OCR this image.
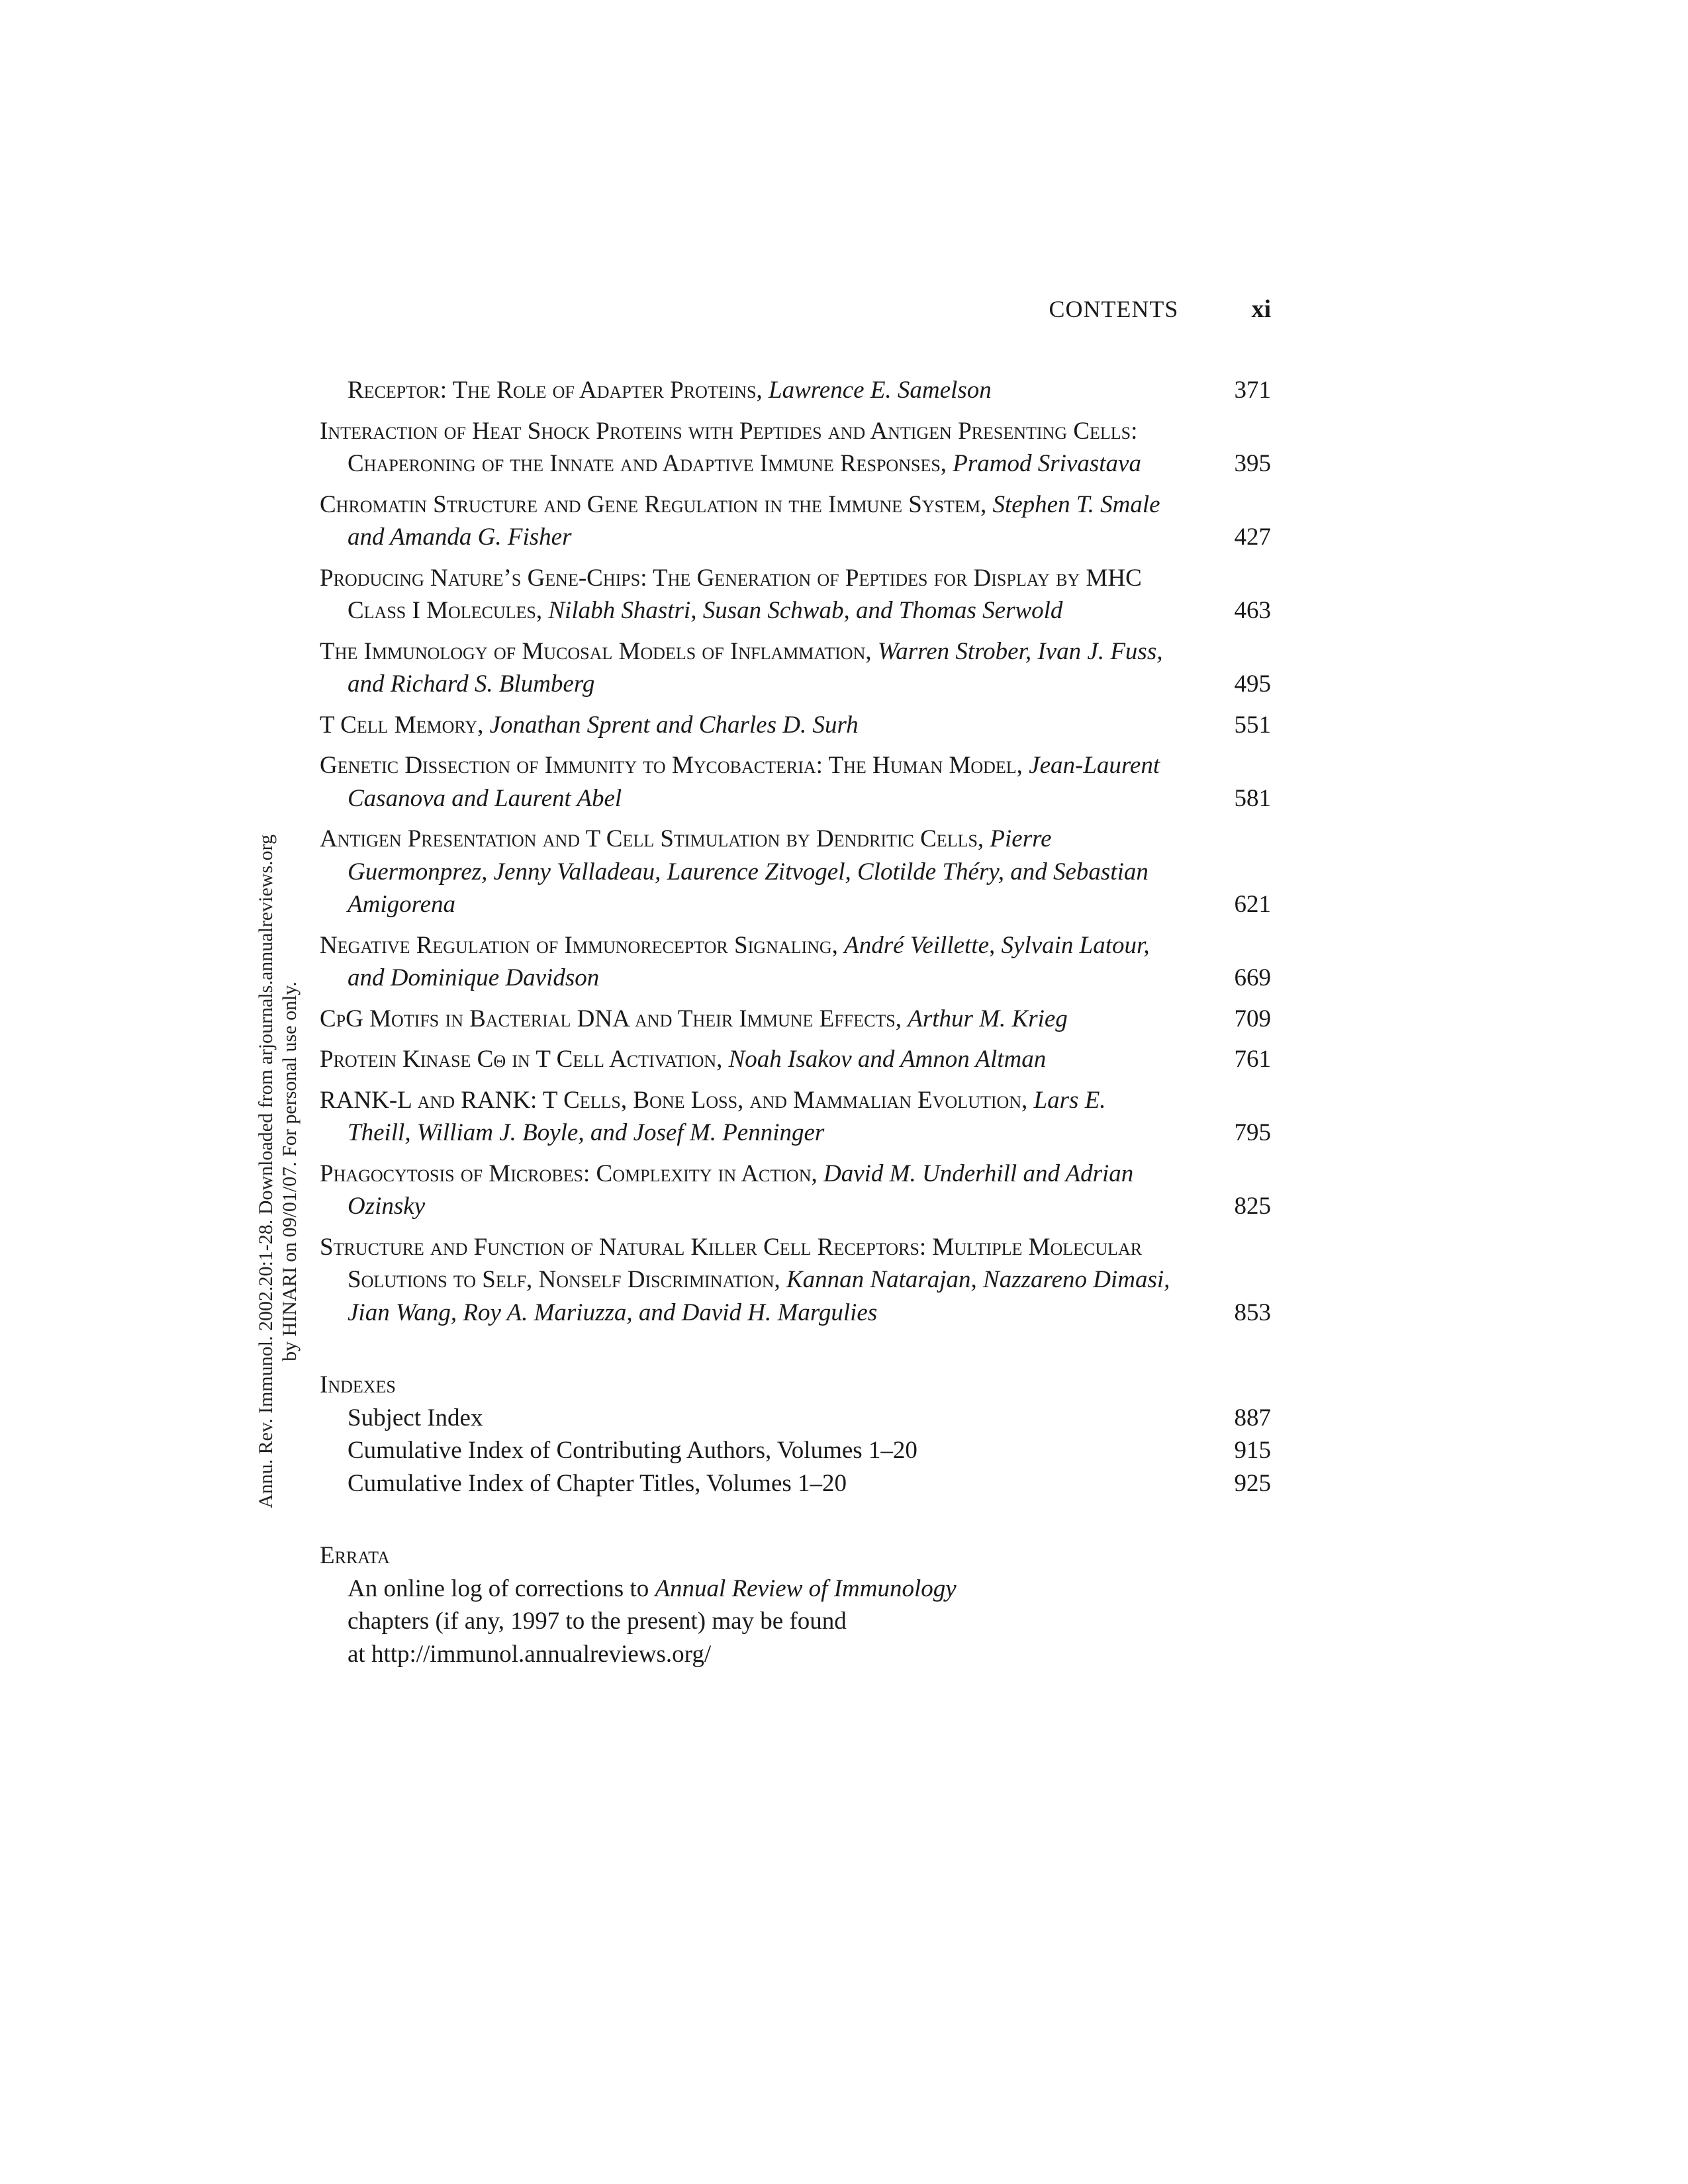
CONTENTS	xi
Annu. Rev. Immunol. 2002.20:1-28. Downloaded from arjournals.annualreviews.org by HINARI on 09/01/07. For personal use only.
Receptor: The Role of Adapter Proteins, Lawrence E. Samelson	371
Interaction of Heat Shock Proteins with Peptides and Antigen Presenting Cells: Chaperoning of the Innate and Adaptive Immune Responses, Pramod Srivastava	395
Chromatin Structure and Gene Regulation in the Immune System, Stephen T. Smale and Amanda G. Fisher	427
Producing Nature’s Gene-Chips: The Generation of Peptides for Display by MHC Class I Molecules, Nilabh Shastri, Susan Schwab, and Thomas Serwold	463
The Immunology of Mucosal Models of Inflammation, Warren Strober, Ivan J. Fuss, and Richard S. Blumberg	495
T Cell Memory, Jonathan Sprent and Charles D. Surh	551
Genetic Dissection of Immunity to Mycobacteria: The Human Model, Jean-Laurent Casanova and Laurent Abel	581
Antigen Presentation and T Cell Stimulation by Dendritic Cells, Pierre Guermonprez, Jenny Valladeau, Laurence Zitvogel, Clotilde Théry, and Sebastian Amigorena	621
Negative Regulation of Immunoreceptor Signaling, André Veillette, Sylvain Latour, and Dominique Davidson	669
CpG Motifs in Bacterial DNA and Their Immune Effects, Arthur M. Krieg	709
Protein Kinase Cθ in T Cell Activation, Noah Isakov and Amnon Altman	761
RANK-L and RANK: T Cells, Bone Loss, and Mammalian Evolution, Lars E. Theill, William J. Boyle, and Josef M. Penninger	795
Phagocytosis of Microbes: Complexity in Action, David M. Underhill and Adrian Ozinsky	825
Structure and Function of Natural Killer Cell Receptors: Multiple Molecular Solutions to Self, Nonself Discrimination, Kannan Natarajan, Nazzareno Dimasi, Jian Wang, Roy A. Mariuzza, and David H. Margulies	853
Indexes
Subject Index	887
Cumulative Index of Contributing Authors, Volumes 1–20	915
Cumulative Index of Chapter Titles, Volumes 1–20	925
Errata
An online log of corrections to Annual Review of Immunology
chapters (if any, 1997 to the present) may be found
at http://immunol.annualreviews.org/
